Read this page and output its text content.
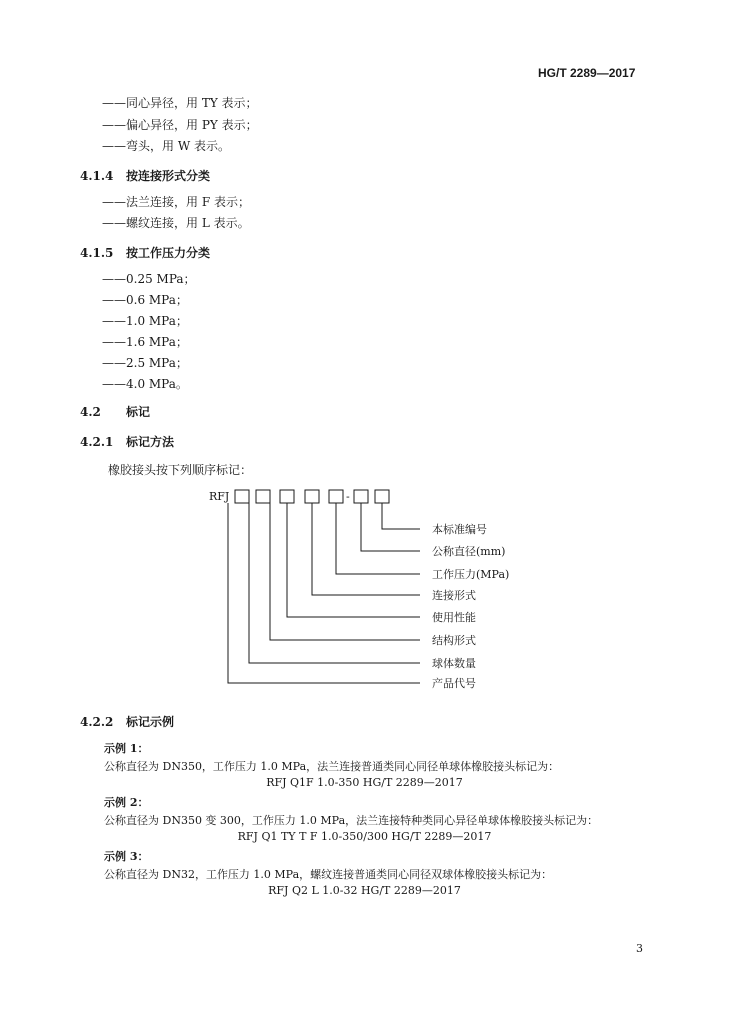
HG/T 2289—2017
——同心异径，用 TY 表示；
——偏心异径，用 PY 表示；
——弯头，用 W 表示。
4.1.4 按连接形式分类
——法兰连接，用 F 表示；
——螺纹连接，用 L 表示。
4.1.5 按工作压力分类
——0.25 MPa；
——0.6 MPa；
——1.0 MPa；
——1.6 MPa；
——2.5 MPa；
——4.0 MPa。
4.2 标记
4.2.1 标记方法
橡胶接头按下列顺序标记：
RFJ	-
本标准编号
公称直径(mm)
工作压力(MPa)
连接形式
使用性能
结构形式
球体数量
产品代号
4.2.2 标记示例
示例 1：
公称直径为 DN350，工作压力 1.0 MPa，法兰连接普通类同心同径单球体橡胶接头标记为：
RFJ Q1F 1.0-350 HG/T 2289—2017
示例 2：
公称直径为 DN350 变 300，工作压力 1.0 MPa，法兰连接特种类同心异径单球体橡胶接头标记为：
RFJ Q1 TY T F 1.0-350/300 HG/T 2289—2017
示例 3：
公称直径为 DN32，工作压力 1.0 MPa，螺纹连接普通类同心同径双球体橡胶接头标记为：
RFJ Q2 L 1.0-32 HG/T 2289—2017
3
